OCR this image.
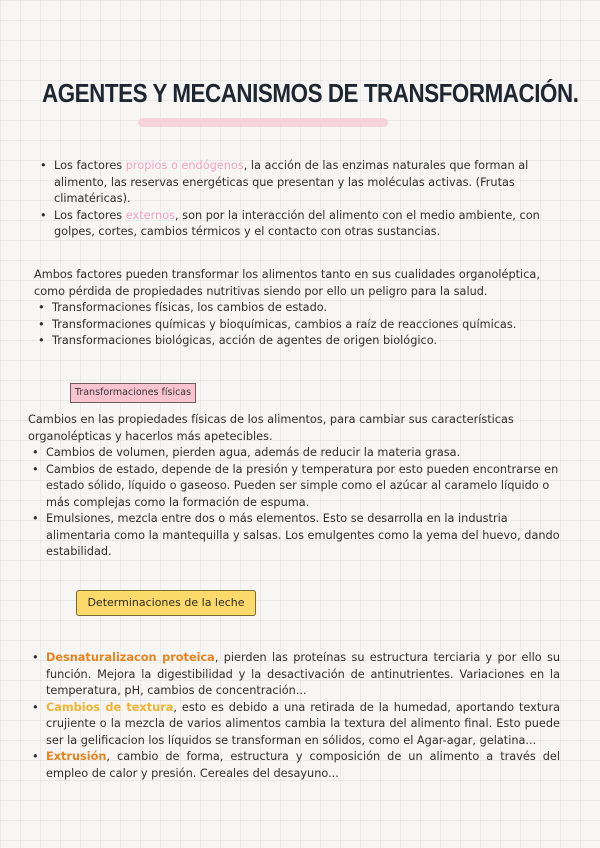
AGENTES Y MECANISMOS DE TRANSFORMACIÓN.
• Los factores propios o endógenos, la acción de las enzimas naturales que forman al alimento, las reservas energéticas que presentan y las moléculas activas. (Frutas climatéricas).
• Los factores externos, son por la interacción del alimento con el medio ambiente, con golpes, cortes, cambios térmicos y el contacto con otras sustancias.
Ambos factores pueden transformar los alimentos tanto en sus cualidades organoléptica, como pérdida de propiedades nutritivas siendo por ello un peligro para la salud.
• Transformaciones físicas, los cambios de estado.
• Transformaciones químicas y bioquímicas, cambios a raíz de reacciones químicas.
• Transformaciones biológicas, acción de agentes de origen biológico.
Transformaciones físicas
Cambios en las propiedades físicas de los alimentos, para cambiar sus características organolépticas y hacerlos más apetecibles.
• Cambios de volumen, pierden agua, además de reducir la materia grasa.
• Cambios de estado, depende de la presión y temperatura por esto pueden encontrarse en estado sólido, líquido o gaseoso. Pueden ser simple como el azúcar al caramelo líquido o más complejas como la formación de espuma.
• Emulsiones, mezcla entre dos o más elementos. Esto se desarrolla en la industria alimentaria como la mantequilla y salsas. Los emulgentes como la yema del huevo, dando estabilidad.
Determinaciones de la leche
• Desnaturalizacon proteica, pierden las proteínas su estructura terciaria y por ello su función. Mejora la digestibilidad y la desactivación de antinutrientes. Variaciones en la temperatura, pH, cambios de concentración...
• Cambios de textura, esto es debido a una retirada de la humedad, aportando textura crujiente o la mezcla de varios alimentos cambia la textura del alimento final. Esto puede ser la gelificacion los líquidos se transforman en sólidos, como el Agar-agar, gelatina...
• Extrusión, cambio de forma, estructura y composición de un alimento a través del empleo de calor y presión. Cereales del desayuno...
